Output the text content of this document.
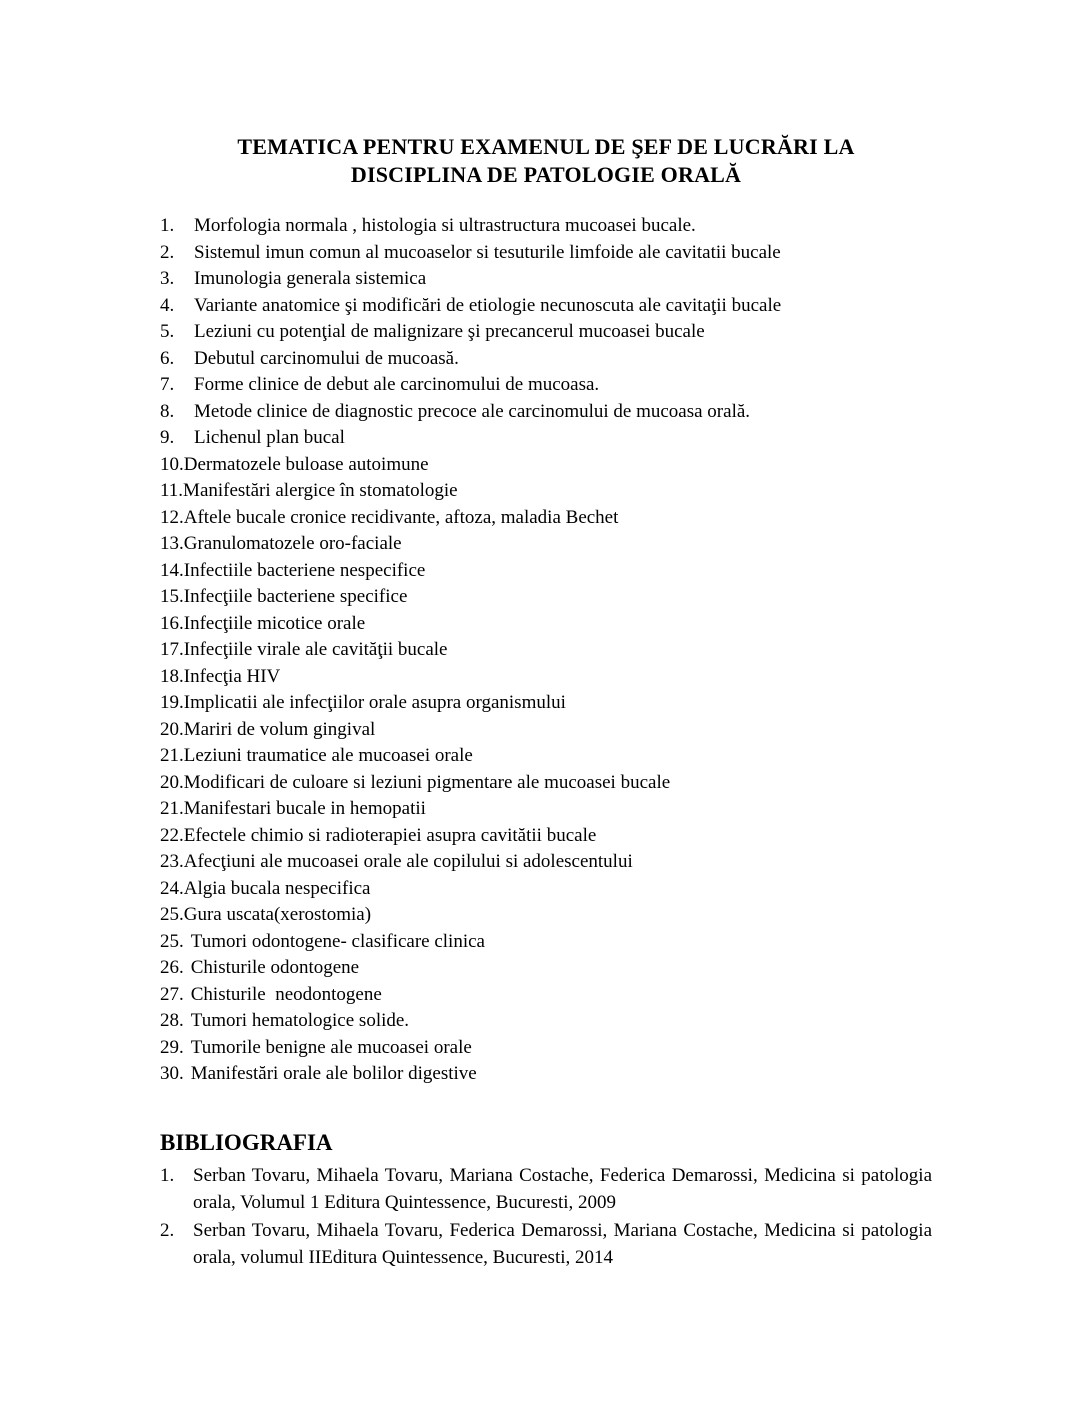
TEMATICA PENTRU EXAMENUL DE ŞEF DE LUCRĂRI LA
DISCIPLINA DE PATOLOGIE ORALĂ
1. Morfologia normala , histologia si ultrastructura mucoasei bucale.
2. Sistemul imun comun al mucoaselor si tesuturile limfoide ale cavitatii bucale
3. Imunologia generala sistemica
4. Variante anatomice şi modificări de etiologie necunoscuta ale cavitaţii bucale
5. Leziuni cu potenţial de malignizare şi precancerul mucoasei bucale
6. Debutul carcinomului de mucoasă.
7. Forme clinice de debut ale carcinomului de mucoasa.
8. Metode clinice de diagnostic precoce ale carcinomului de mucoasa orală.
9. Lichenul plan bucal
10.Dermatozele buloase autoimune
11.Manifestări alergice în stomatologie
12.Aftele bucale cronice recidivante, aftoza, maladia Bechet
13.Granulomatozele oro-faciale
14.Infectiile bacteriene nespecifice
15.Infecţiile bacteriene specifice
16.Infecţiile micotice orale
17.Infecţiile virale ale cavităţii bucale
18.Infecţia HIV
19.Implicatii ale infecţiilor orale asupra organismului
20.Mariri de volum gingival
21.Leziuni traumatice ale mucoasei orale
20.Modificari de culoare si leziuni pigmentare ale mucoasei bucale
21.Manifestari bucale in hemopatii
22.Efectele chimio si radioterapiei asupra cavitătii bucale
23.Afecţiuni ale mucoasei orale ale copilului si adolescentului
24.Algia bucala nespecifica
25.Gura uscata(xerostomia)
25. Tumori odontogene- clasificare clinica
26. Chisturile odontogene
27. Chisturile  neodontogene
28. Tumori hematologice solide.
29. Tumorile benigne ale mucoasei orale
30. Manifestări orale ale bolilor digestive
BIBLIOGRAFIA
1. Serban Tovaru, Mihaela Tovaru, Mariana Costache, Federica Demarossi, Medicina si patologia orala, Volumul 1 Editura Quintessence, Bucuresti, 2009
2. Serban Tovaru, Mihaela Tovaru, Federica Demarossi, Mariana Costache, Medicina si patologia orala, volumul IIEditura Quintessence, Bucuresti, 2014
